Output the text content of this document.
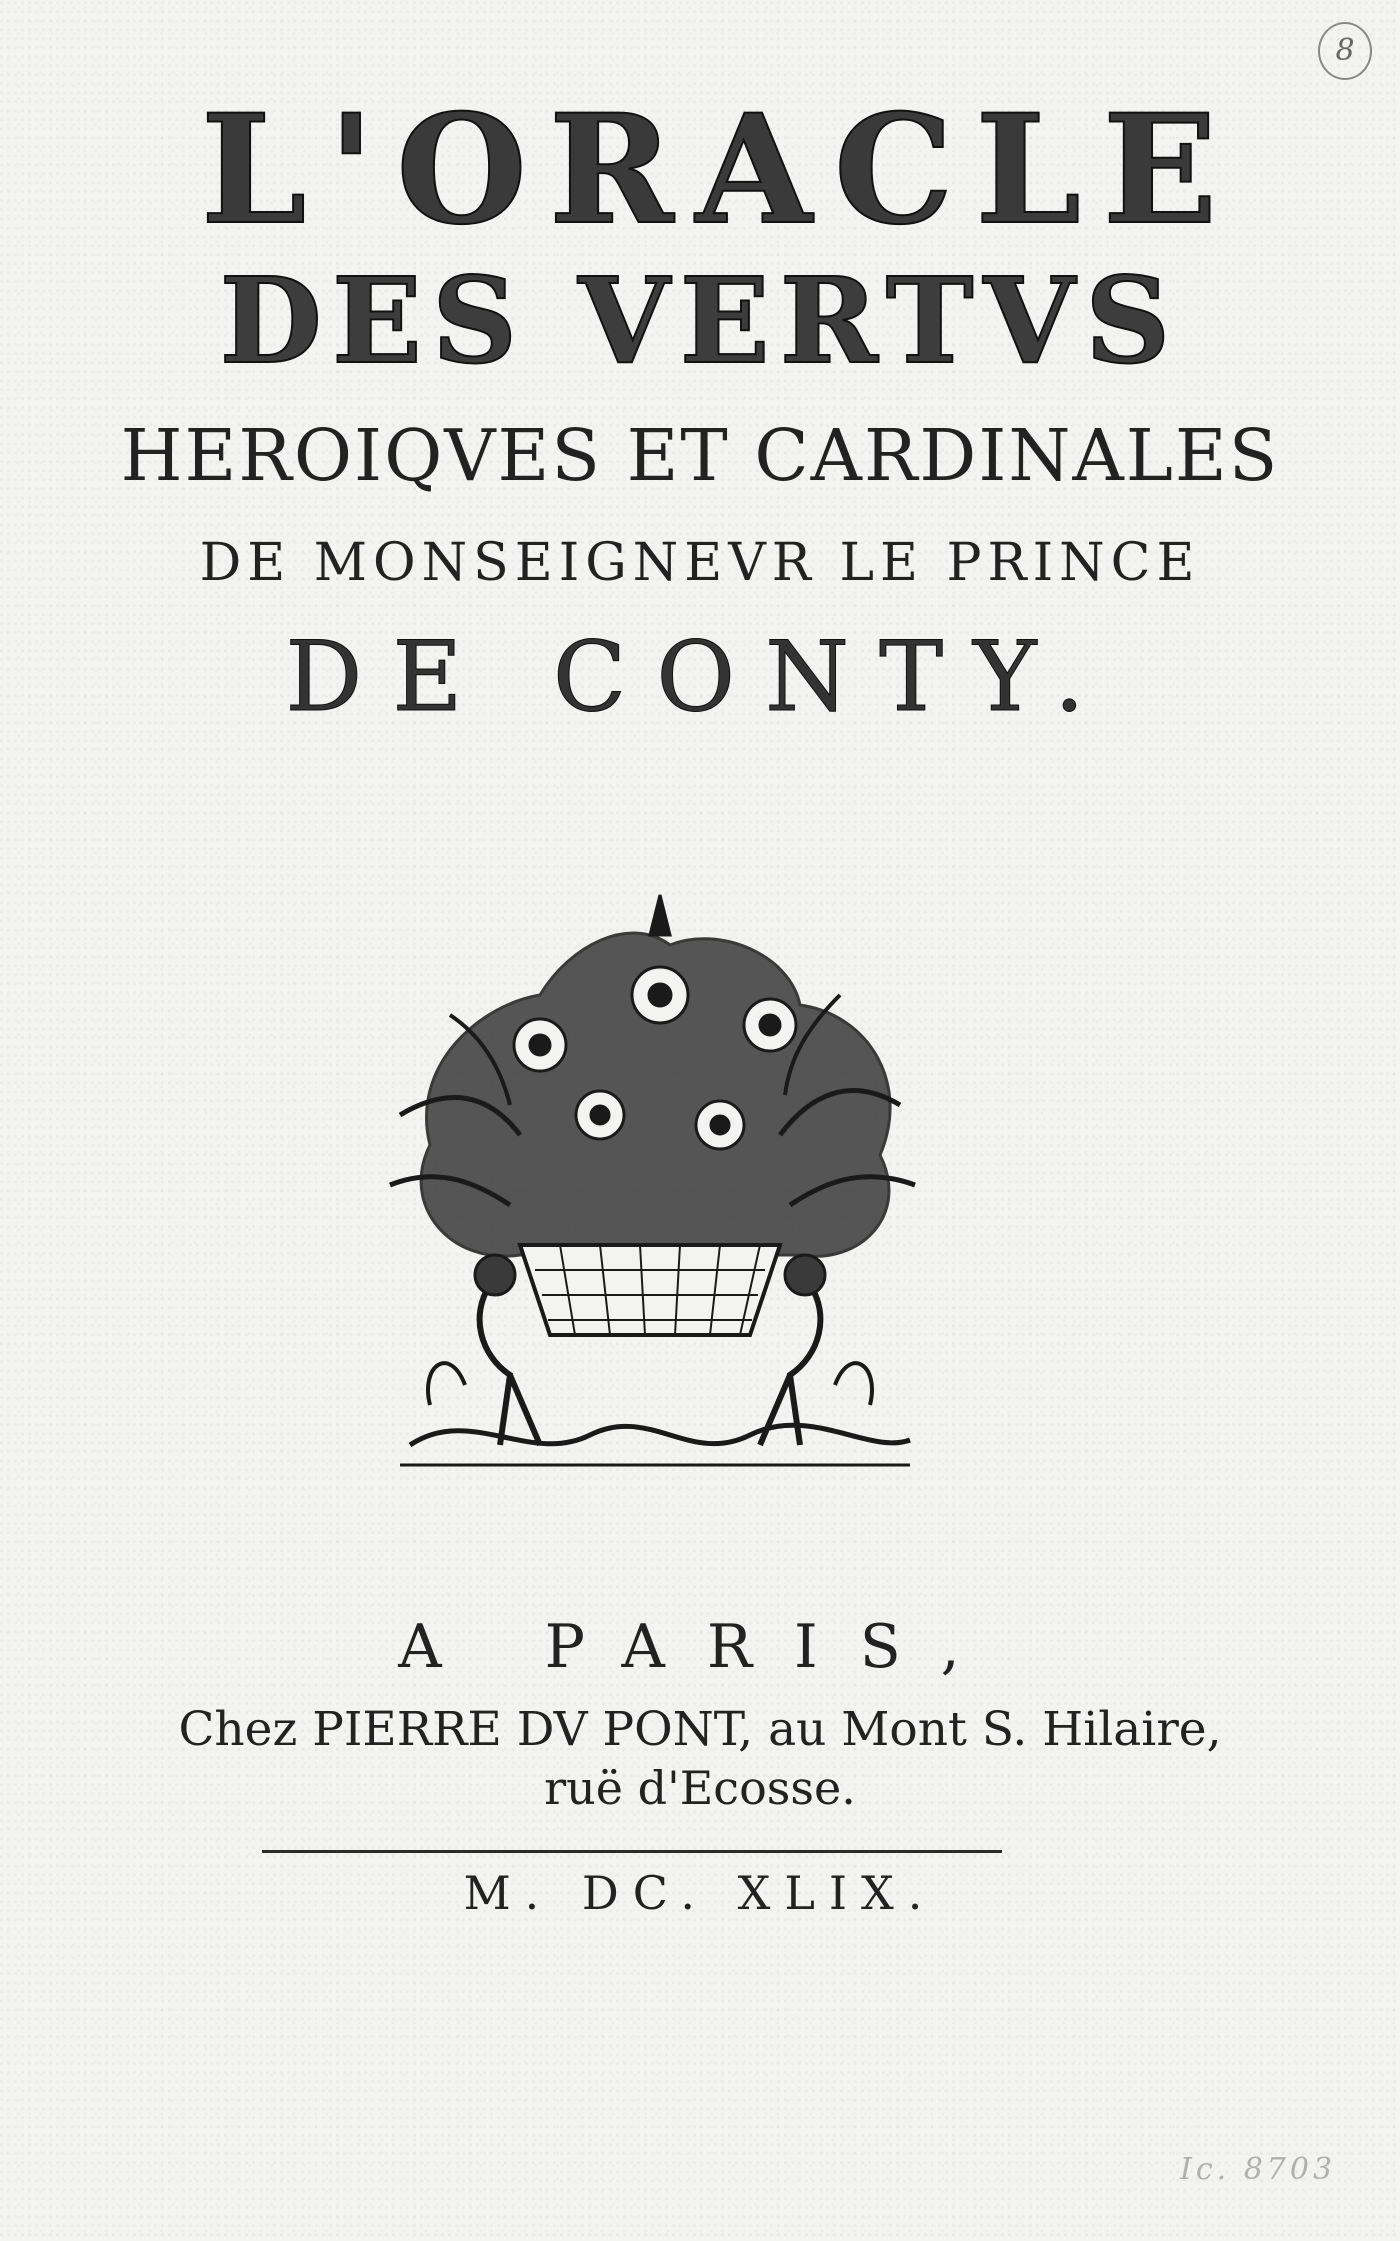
8
L'ORACLE
DES VERTVS
HEROIQVES ET CARDINALES
DE MONSEIGNEVR LE PRINCE
DE CONTY.
A PARIS,
Chez PIERRE DV PONT, au Mont S. Hilaire,
ruë d'Ecosse.
M. DC. XLIX.
Ic. 8703
